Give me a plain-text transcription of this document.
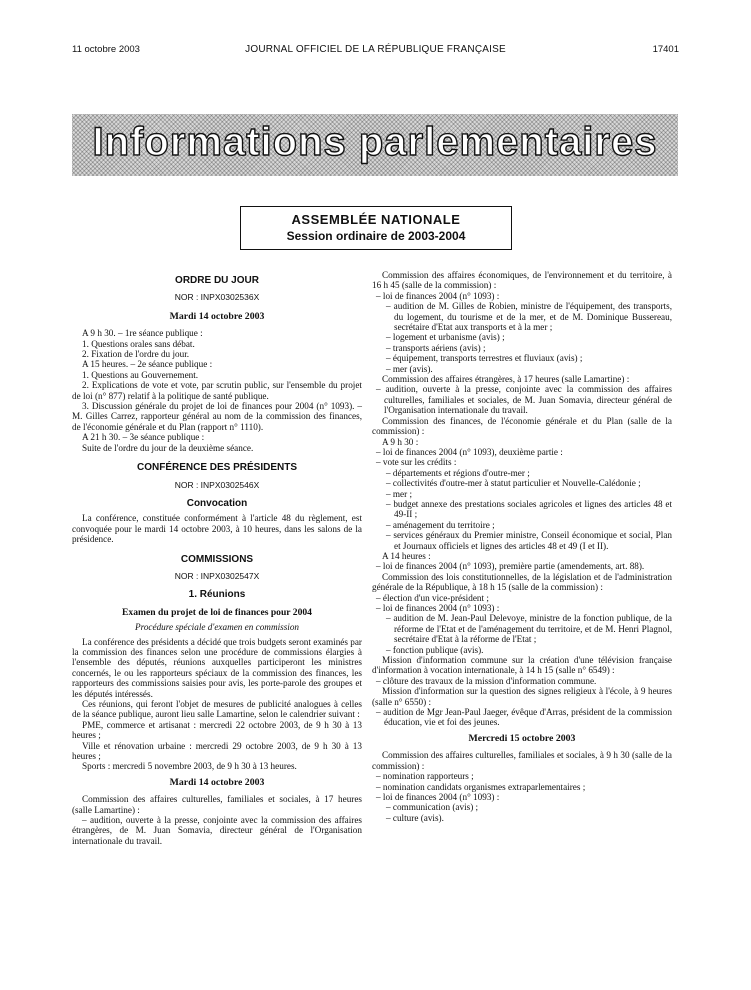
11 octobre 2003	JOURNAL OFFICIEL DE LA RÉPUBLIQUE FRANÇAISE	17401
Informations parlementaires
ASSEMBLÉE NATIONALE
Session ordinaire de 2003-2004

ORDRE DU JOUR

NOR : INPX0302536X

Mardi 14 octobre 2003

A 9 h 30. – 1re séance publique :

1. Questions orales sans débat.

2. Fixation de l'ordre du jour.

A 15 heures. – 2e séance publique :

1. Questions au Gouvernement.

2. Explications de vote et vote, par scrutin public, sur l'ensemble du projet de loi (n° 877) relatif à la politique de santé publique.

3. Discussion générale du projet de loi de finances pour 2004 (n° 1093). – M. Gilles Carrez, rapporteur général au nom de la commission des finances, de l'économie générale et du Plan (rapport n° 1110).

A 21 h 30. – 3e séance publique :

Suite de l'ordre du jour de la deuxième séance.

CONFÉRENCE DES PRÉSIDENTS

NOR : INPX0302546X

Convocation

La conférence, constituée conformément à l'article 48 du règlement, est convoquée pour le mardi 14 octobre 2003, à 10 heures, dans les salons de la présidence.

COMMISSIONS

NOR : INPX0302547X

1. Réunions

Examen du projet de loi de finances pour 2004

Procédure spéciale d'examen en commission

La conférence des présidents a décidé que trois budgets seront examinés par la commission des finances selon une procédure de commissions élargies à l'ensemble des députés, réunions auxquelles participeront les ministres concernés, le ou les rapporteurs spéciaux de la commission des finances, les rapporteurs des commissions saisies pour avis, les porte-parole des groupes et les députés intéressés.

Ces réunions, qui feront l'objet de mesures de publicité analogues à celles de la séance publique, auront lieu salle Lamartine, selon le calendrier suivant :

PME, commerce et artisanat : mercredi 22 octobre 2003, de 9 h 30 à 13 heures ;

Ville et rénovation urbaine : mercredi 29 octobre 2003, de 9 h 30 à 13 heures ;

Sports : mercredi 5 novembre 2003, de 9 h 30 à 13 heures.

Mardi 14 octobre 2003

Commission des affaires culturelles, familiales et sociales, à 17 heures (salle Lamartine) :

– audition, ouverte à la presse, conjointe avec la commission des affaires étrangères, de M. Juan Somavia, directeur général de l'Organisation internationale du travail.

Commission des affaires économiques, de l'environnement et du territoire, à 16 h 45 (salle de la commission) :

– loi de finances 2004 (n° 1093) :

– audition de M. Gilles de Robien, ministre de l'équipement, des transports, du logement, du tourisme et de la mer, et de M. Dominique Bussereau, secrétaire d'Etat aux transports et à la mer ;

– logement et urbanisme (avis) ;

– transports aériens (avis) ;

– équipement, transports terrestres et fluviaux (avis) ;

– mer (avis).

Commission des affaires étrangères, à 17 heures (salle Lamartine) :

– audition, ouverte à la presse, conjointe avec la commission des affaires culturelles, familiales et sociales, de M. Juan Somavia, directeur général de l'Organisation internationale du travail.

Commission des finances, de l'économie générale et du Plan (salle de la commission) :

A 9 h 30 :

– loi de finances 2004 (n° 1093), deuxième partie :

– vote sur les crédits :

– départements et régions d'outre-mer ;

– collectivités d'outre-mer à statut particulier et Nouvelle-Calédonie ;

– mer ;

– budget annexe des prestations sociales agricoles et lignes des articles 48 et 49-II ;

– aménagement du territoire ;

– services généraux du Premier ministre, Conseil économique et social, Plan et Journaux officiels et lignes des articles 48 et 49 (I et II).

A 14 heures :

– loi de finances 2004 (n° 1093), première partie (amendements, art. 88).

Commission des lois constitutionnelles, de la législation et de l'administration générale de la République, à 18 h 15 (salle de la commission) :

– élection d'un vice-président ;

– loi de finances 2004 (n° 1093) :

– audition de M. Jean-Paul Delevoye, ministre de la fonction publique, de la réforme de l'Etat et de l'aménagement du territoire, et de M. Henri Plagnol, secrétaire d'Etat à la réforme de l'Etat ;

– fonction publique (avis).

Mission d'information commune sur la création d'une télévision française d'information à vocation internationale, à 14 h 15 (salle n° 6549) :

– clôture des travaux de la mission d'information commune.

Mission d'information sur la question des signes religieux à l'école, à 9 heures (salle n° 6550) :

– audition de Mgr Jean-Paul Jaeger, évêque d'Arras, président de la commission éducation, vie et foi des jeunes.

Mercredi 15 octobre 2003

Commission des affaires culturelles, familiales et sociales, à 9 h 30 (salle de la commission) :

– nomination rapporteurs ;

– nomination candidats organismes extraparlementaires ;

– loi de finances 2004 (n° 1093) :

– communication (avis) ;

– culture (avis).
